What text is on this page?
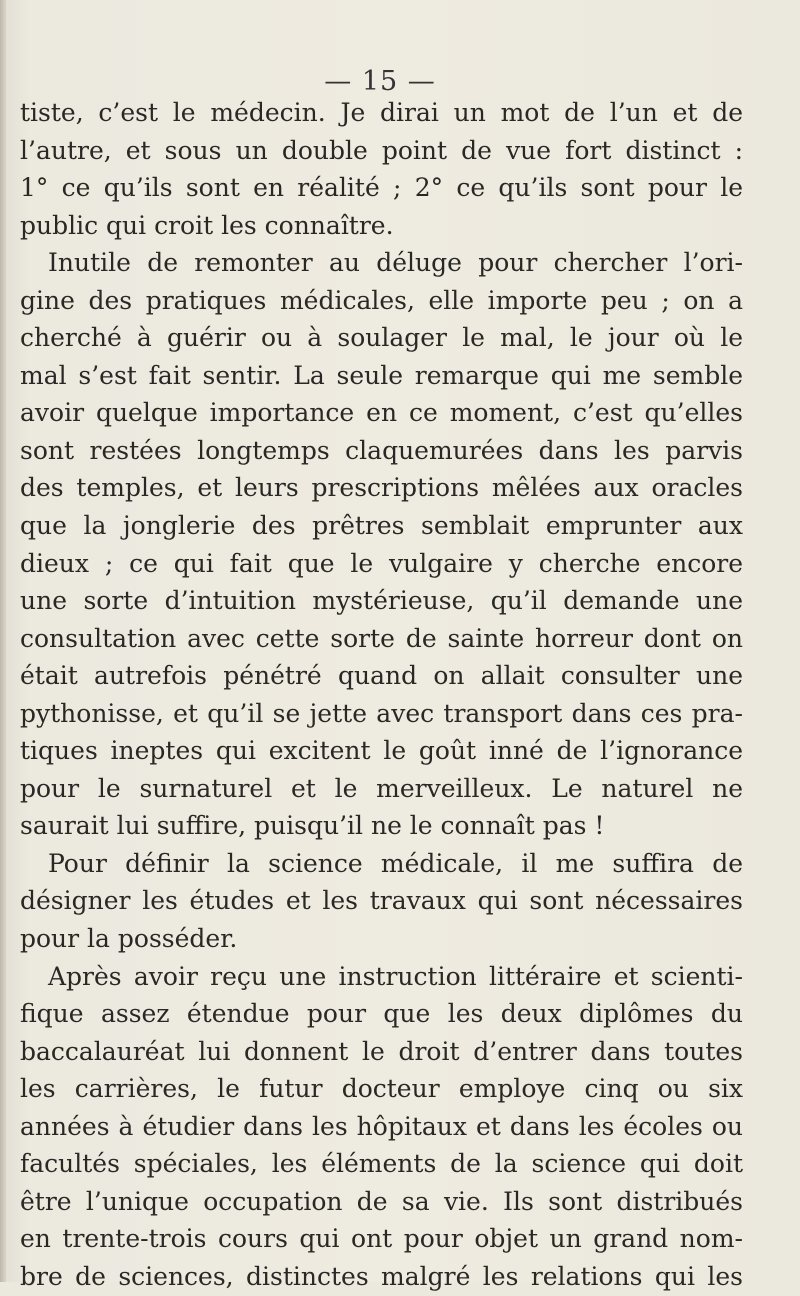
— 15 —
tiste, c’est le médecin. Je dirai un mot de l’un et de
l’autre, et sous un double point de vue fort distinct :
1° ce qu’ils sont en réalité ; 2° ce qu’ils sont pour le
public qui croit les connaître.
Inutile de remonter au déluge pour chercher l’ori-
gine des pratiques médicales, elle importe peu ; on a
cherché à guérir ou à soulager le mal, le jour où le
mal s’est fait sentir. La seule remarque qui me semble
avoir quelque importance en ce moment, c’est qu’elles
sont restées longtemps claquemurées dans les parvis
des temples, et leurs prescriptions mêlées aux oracles
que la jonglerie des prêtres semblait emprunter aux
dieux ; ce qui fait que le vulgaire y cherche encore
une sorte d’intuition mystérieuse, qu’il demande une
consultation avec cette sorte de sainte horreur dont on
était autrefois pénétré quand on allait consulter une
pythonisse, et qu’il se jette avec transport dans ces pra-
tiques ineptes qui excitent le goût inné de l’ignorance
pour le surnaturel et le merveilleux. Le naturel ne
saurait lui suffire, puisqu’il ne le connaît pas !
Pour définir la science médicale, il me suffira de
désigner les études et les travaux qui sont nécessaires
pour la posséder.
Après avoir reçu une instruction littéraire et scienti-
fique assez étendue pour que les deux diplômes du
baccalauréat lui donnent le droit d’entrer dans toutes
les carrières, le futur docteur employe cinq ou six
années à étudier dans les hôpitaux et dans les écoles ou
facultés spéciales, les éléments de la science qui doit
être l’unique occupation de sa vie. Ils sont distribués
en trente-trois cours qui ont pour objet un grand nom-
bre de sciences, distinctes malgré les relations qui les
